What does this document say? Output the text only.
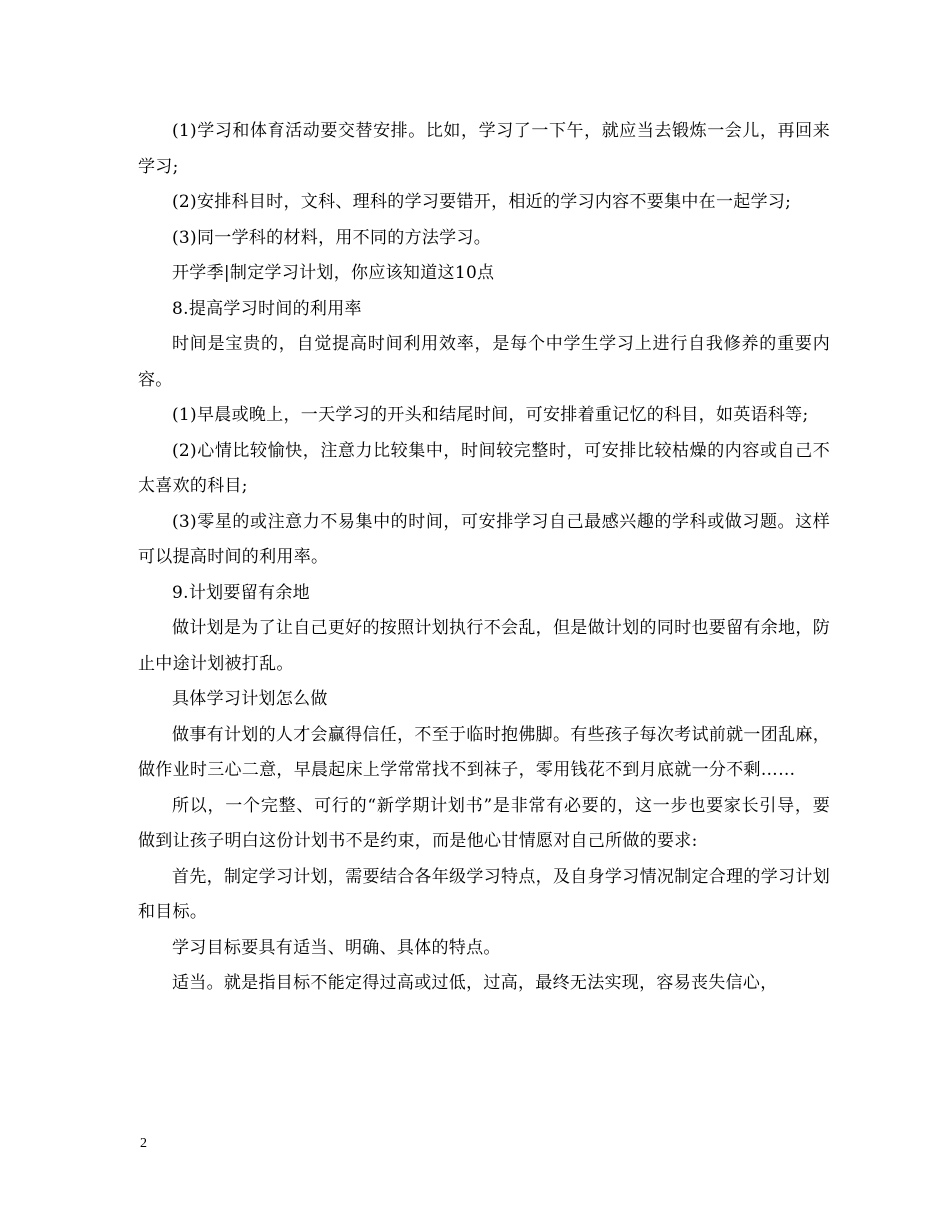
(1)学习和体育活动要交替安排。比如，学习了一下午，就应当去锻炼一会儿，再回来学习;

(2)安排科目时，文科、理科的学习要错开，相近的学习内容不要集中在一起学习;

(3)同一学科的材料，用不同的方法学习。

开学季|制定学习计划，你应该知道这10点

8.提高学习时间的利用率

时间是宝贵的，自觉提高时间利用效率，是每个中学生学习上进行自我修养的重要内容。

(1)早晨或晚上，一天学习的开头和结尾时间，可安排着重记忆的科目，如英语科等;

(2)心情比较愉快，注意力比较集中，时间较完整时，可安排比较枯燥的内容或自己不太喜欢的科目;

(3)零星的或注意力不易集中的时间，可安排学习自己最感兴趣的学科或做习题。这样可以提高时间的利用率。

9.计划要留有余地

做计划是为了让自己更好的按照计划执行不会乱，但是做计划的同时也要留有余地，防止中途计划被打乱。

具体学习计划怎么做

做事有计划的人才会赢得信任，不至于临时抱佛脚。有些孩子每次考试前就一团乱麻，做作业时三心二意，早晨起床上学常常找不到袜子，零用钱花不到月底就一分不剩……

所以，一个完整、可行的“新学期计划书”是非常有必要的，这一步也要家长引导，要做到让孩子明白这份计划书不是约束，而是他心甘情愿对自己所做的要求:

首先，制定学习计划，需要结合各年级学习特点，及自身学习情况制定合理的学习计划和目标。

学习目标要具有适当、明确、具体的特点。

适当。就是指目标不能定得过高或过低，过高，最终无法实现，容易丧失信心，

2
